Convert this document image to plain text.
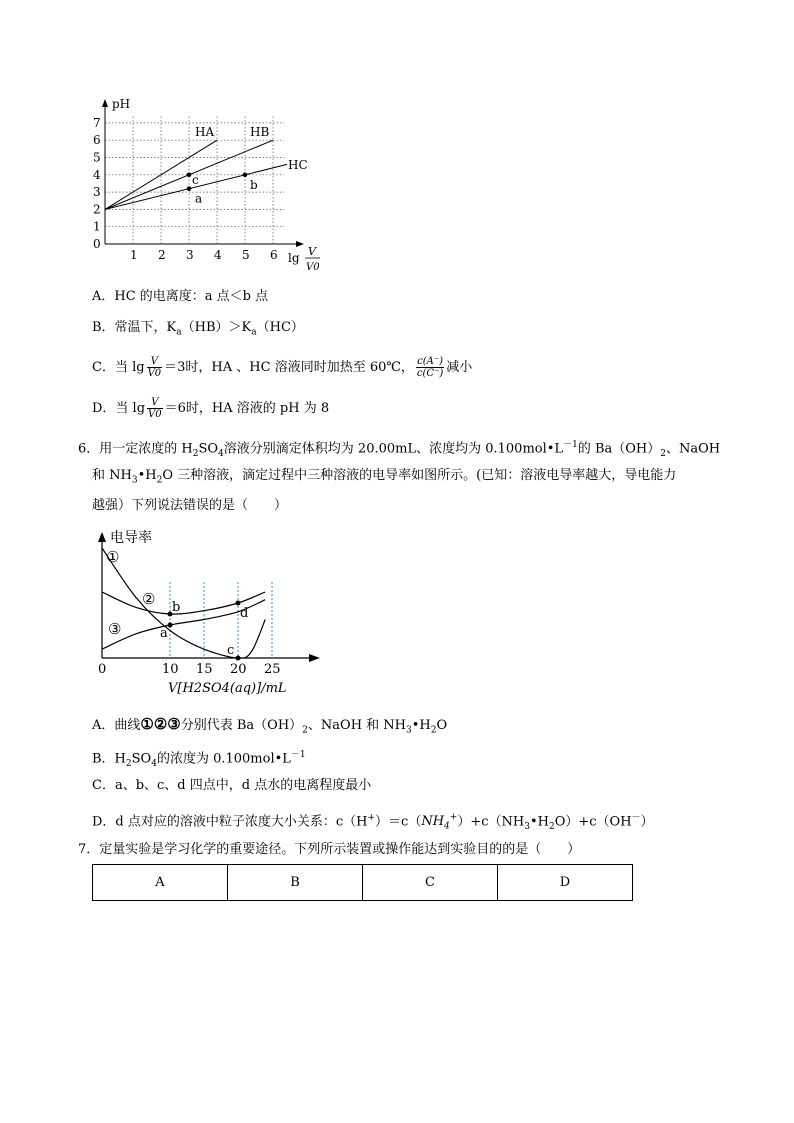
0
1
2
3
4
5
6
7
1 2 3 4 5 6
pH
lg V
V0
HA	HB
HC
c
a
b
A．HC 的电离度：a 点＜b 点
B．常温下，$K_a(HB)>K_a(HC)$
C．当 $\lg \frac{V}{V0} =3$时，HA 、HC 溶液同时加热至 60℃， $\frac{c(A^-)}{c(C^-)}$ 减小
D．当 $\lg \frac{V}{V0} =6$时，HA 溶液的 pH 为 8
6．用一定浓度的 $H_2SO_4$溶液分别滴定体积均为 20.00mL、浓度均为 $0.100mol•L^{-1}$的 $Ba(OH)_2$、NaOH
和 $NH_3•H_2O$ 三种溶液，滴定过程中三种溶液的电导率如图所示。(已知：溶液电导率越大，导电能力
越强）下列说法错误的是（　　）
电导率
①
②
③
b	d
a
c
0	10 15 20 25
V[H2SO4(aq)]/mL
A．曲线①②③分别代表 $Ba(OH)_2$、NaOH 和 $NH_3•H_2O$
B．$H_2SO_4$的浓度为 $0.100mol•L^{-1}$
C．a、b、c、d 四点中，d 点水的电离程度最小
D．d 点对应的溶液中粒子浓度大小关系：$c(H^+)=c(NH_4^+)+c(NH_3•H_2O)+c(OH^-)$
7．定量实验是学习化学的重要途径。下列所示装置或操作能达到实验目的的是（　　）
A	B	C	D
